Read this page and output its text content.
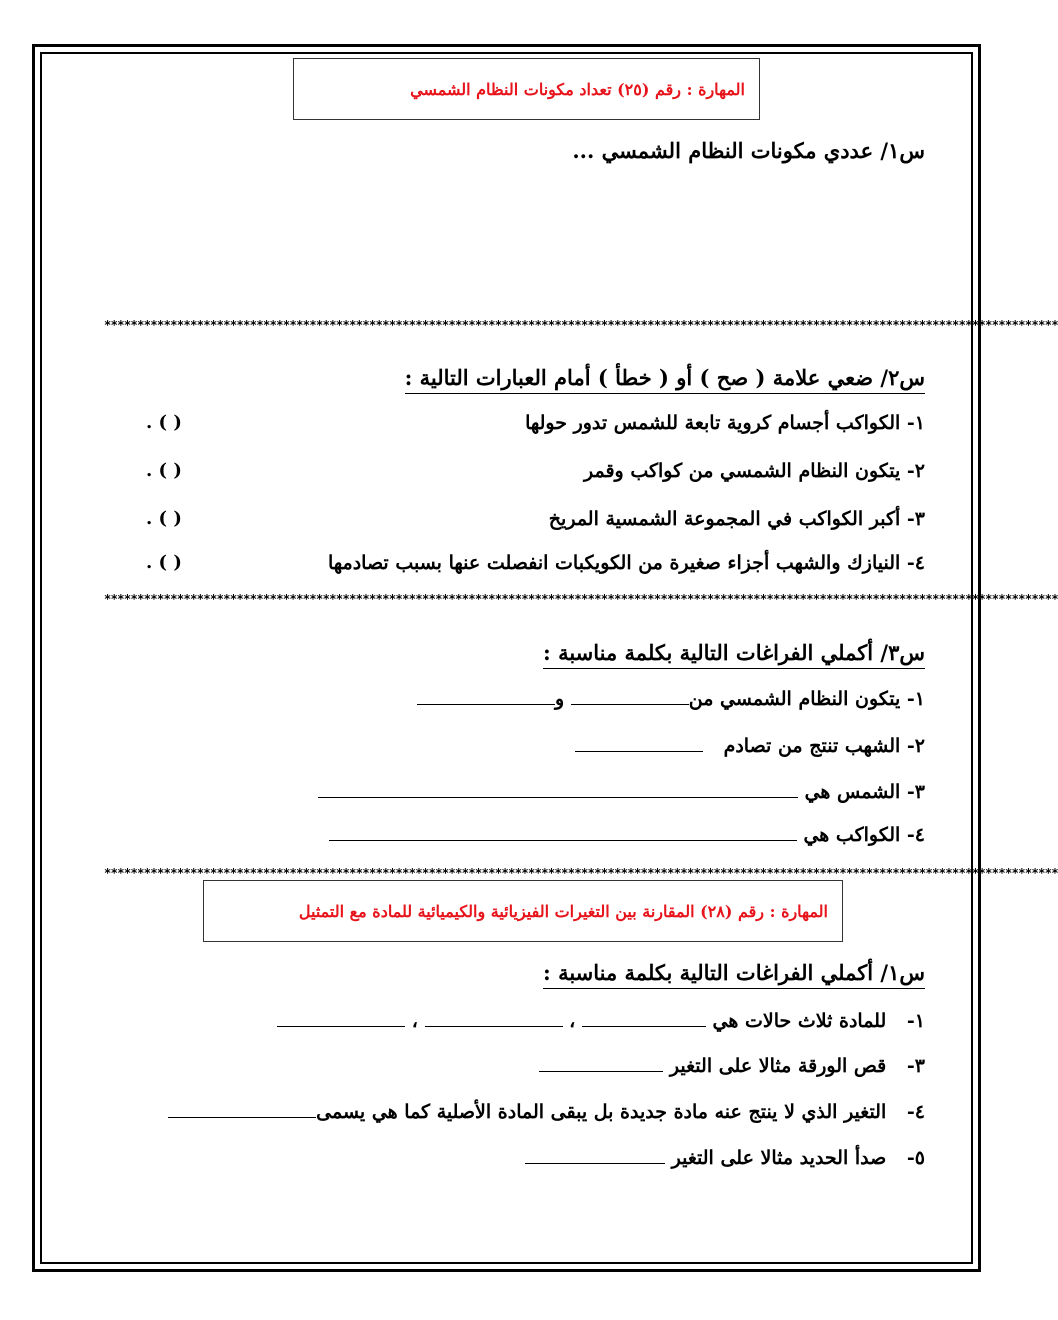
المهارة : رقم (٢٥) تعداد مكونات النظام الشمسي
س١/ عددي مكونات النظام الشمسي ...
************************************************************************************************************************************************
س٢/ ضعي علامة ( صح ) أو ( خطأ ) أمام العبارات التالية :
١- الكواكب أجسام كروية تابعة للشمس تدور حولها
. ( )
٢- يتكون النظام الشمسي من كواكب وقمر
. ( )
٣- أكبر الكواكب في المجموعة الشمسية المريخ
. ( )
٤- النيازك والشهب أجزاء صغيرة من الكويكبات انفصلت عنها بسبب تصادمها
. ( )
************************************************************************************************************************************************
س٣/ أكملي الفراغات التالية بكلمة مناسبة :
١- يتكون النظام الشمسي من و
٢- الشهب تنتج من تصادم
٣- الشمس هي
٤- الكواكب هي
************************************************************************************************************************************************
المهارة : رقم (٢٨) المقارنة بين التغيرات الفيزيائية والكيميائية للمادة مع التمثيل
س١/ أكملي الفراغات التالية بكلمة مناسبة :
١- للمادة ثلاث حالات هي  ،  ،
٣- قص الورقة مثالا على التغير
٤- التغير الذي لا ينتج عنه مادة جديدة بل يبقى المادة الأصلية كما هي يسمى
٥- صدأ الحديد مثالا على التغير
